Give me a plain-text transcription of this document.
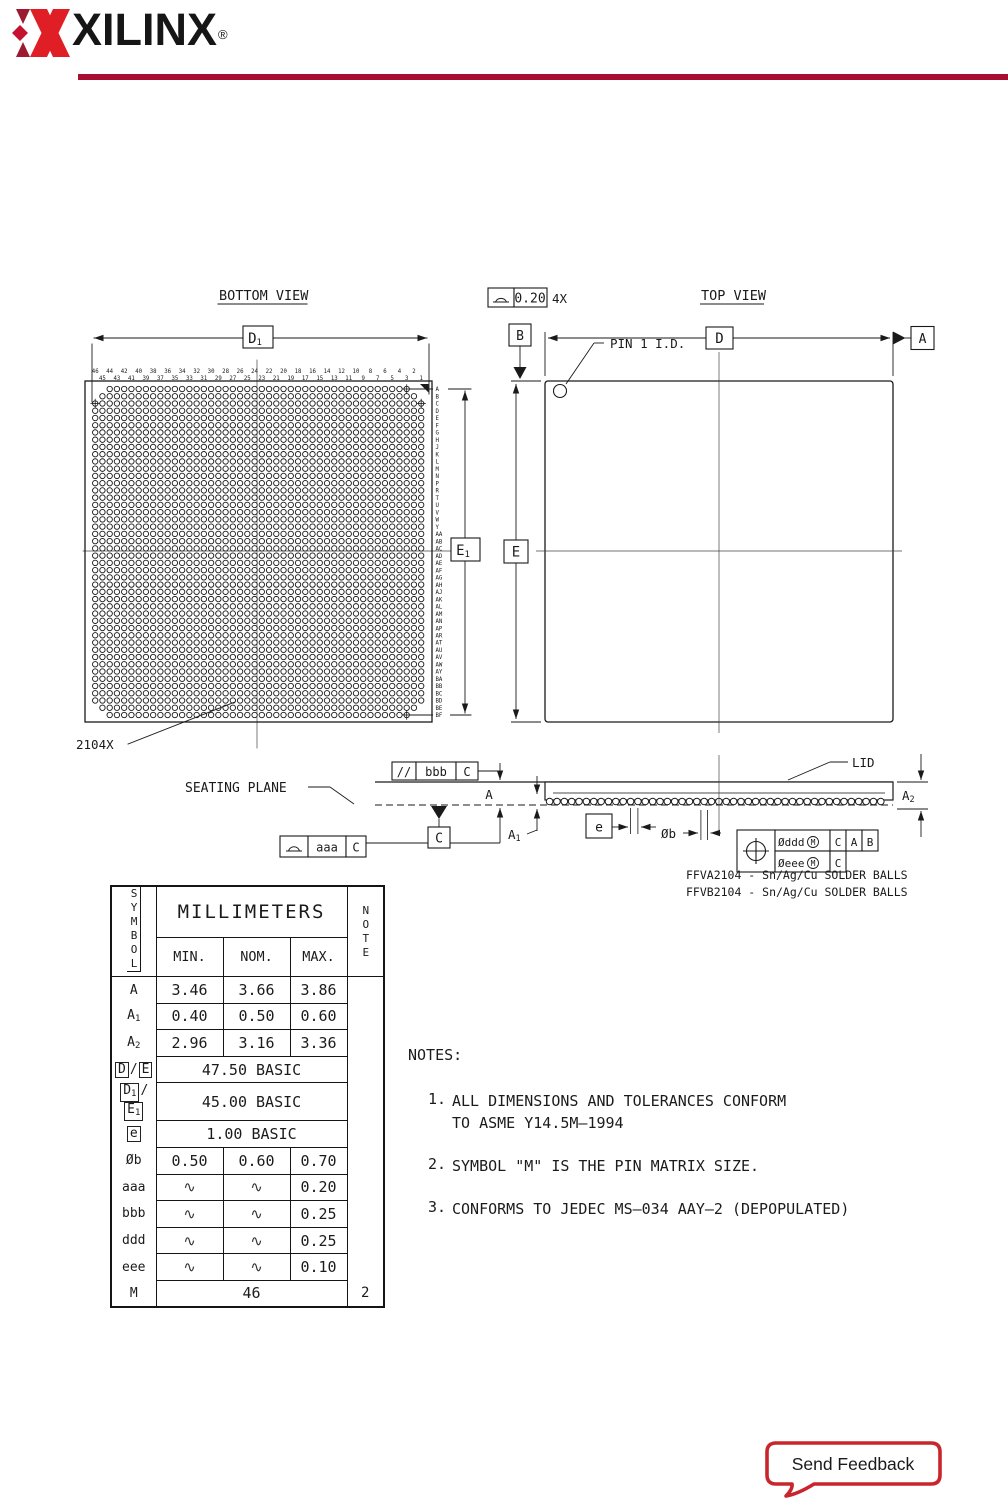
XILINX®
BOTTOM VIEW
D1
E1
46
45
44
43
42
41
40
39
38
37
36
35
34
33
32
31
30
29
28
27
26
25
24
23
22
21
20
19
18
17
16
15
14
13
12
11
10
9
8
7
6
5
4
3
2
1
A
B
C
D
E
F
G
H
J
K
L
M
N
P
R
T
U
V
W
Y
AA
AB
AC
AD
AE
AF
AG
AH
AJ
AK
AL
AM
AN
AP
AR
AT
AU
AV
AW
AY
BA
BB
BC
BD
BE
BF
2104X
TOP VIEW
0.20 4X
B	D	A
PIN 1 I.D.
E
SEATING PLANE
// bbb C
A
A1
aaa C
C
e	Øb
A2
LID
Øddd M C A B
Øeee M C
FFVA2104 - Sn/Ag/Cu SOLDER BALLS
FFVB2104 - Sn/Ag/Cu SOLDER BALLS
SYMBOL	MILLIMETERS			NOTE
	MIN.	NOM.	MAX.	
A	3.46	3.66	3.86	
A1	0.40	0.50	0.60	
A2	2.96	3.16	3.36	
D / E	47.50 BASIC			
D1 /E1	45.00 BASIC			
e	1.00 BASIC			
Øb	0.50	0.60	0.70	
aaa	∿	∿	0.20	
bbb	∿	∿	0.25	
ddd	∿	∿	0.25	
eee	∿	∿	0.10	
M	46			2
NOTES:
1. ALL DIMENSIONS AND TOLERANCES CONFORM
TO ASME Y14.5M–1994
2. SYMBOL "M" IS THE PIN MATRIX SIZE.
3. CONFORMS TO JEDEC MS–034 AAY–2 (DEPOPULATED)
Send Feedback
